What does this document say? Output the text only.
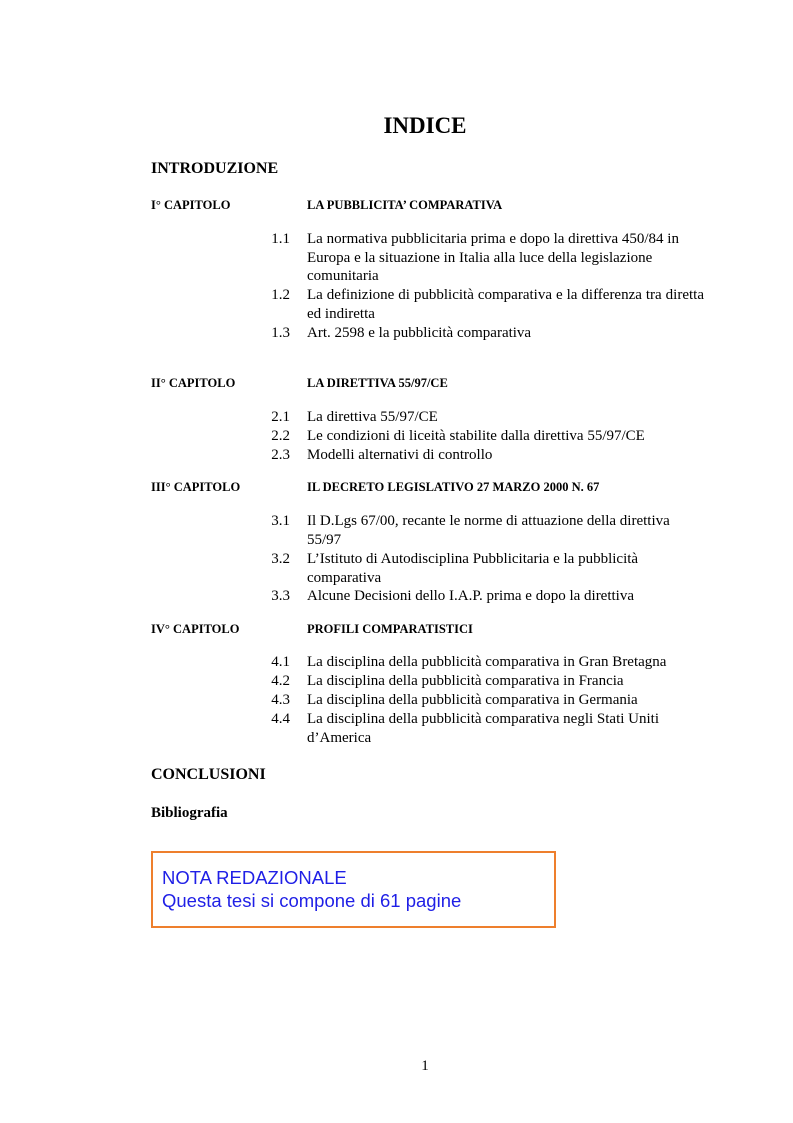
INDICE
INTRODUZIONE
I° CAPITOLO	LA PUBBLICITA’ COMPARATIVA
1.1 La normativa pubblicitaria prima e dopo la direttiva 450/84 in Europa e la situazione in Italia alla luce della legislazione comunitaria
1.2 La definizione di pubblicità comparativa e la differenza tra diretta ed indiretta
1.3 Art. 2598 e la pubblicità comparativa
II° CAPITOLO	LA DIRETTIVA 55/97/CE
2.1 La direttiva 55/97/CE
2.2 Le condizioni di liceità stabilite dalla direttiva 55/97/CE
2.3 Modelli alternativi di controllo
III° CAPITOLO	IL DECRETO LEGISLATIVO 27 MARZO 2000 N. 67
3.1 Il D.Lgs 67/00, recante le norme di attuazione della direttiva 55/97
3.2 L’Istituto di Autodisciplina Pubblicitaria e la pubblicità comparativa
3.3 Alcune Decisioni dello I.A.P. prima e dopo la direttiva
IV° CAPITOLO	PROFILI COMPARATISTICI
4.1 La disciplina della pubblicità comparativa in Gran Bretagna
4.2 La disciplina della pubblicità comparativa in Francia
4.3 La disciplina della pubblicità comparativa in Germania
4.4 La disciplina della pubblicità comparativa negli Stati Uniti d’America
CONCLUSIONI
Bibliografia
NOTA REDAZIONALE
Questa tesi si compone di 61 pagine
1
